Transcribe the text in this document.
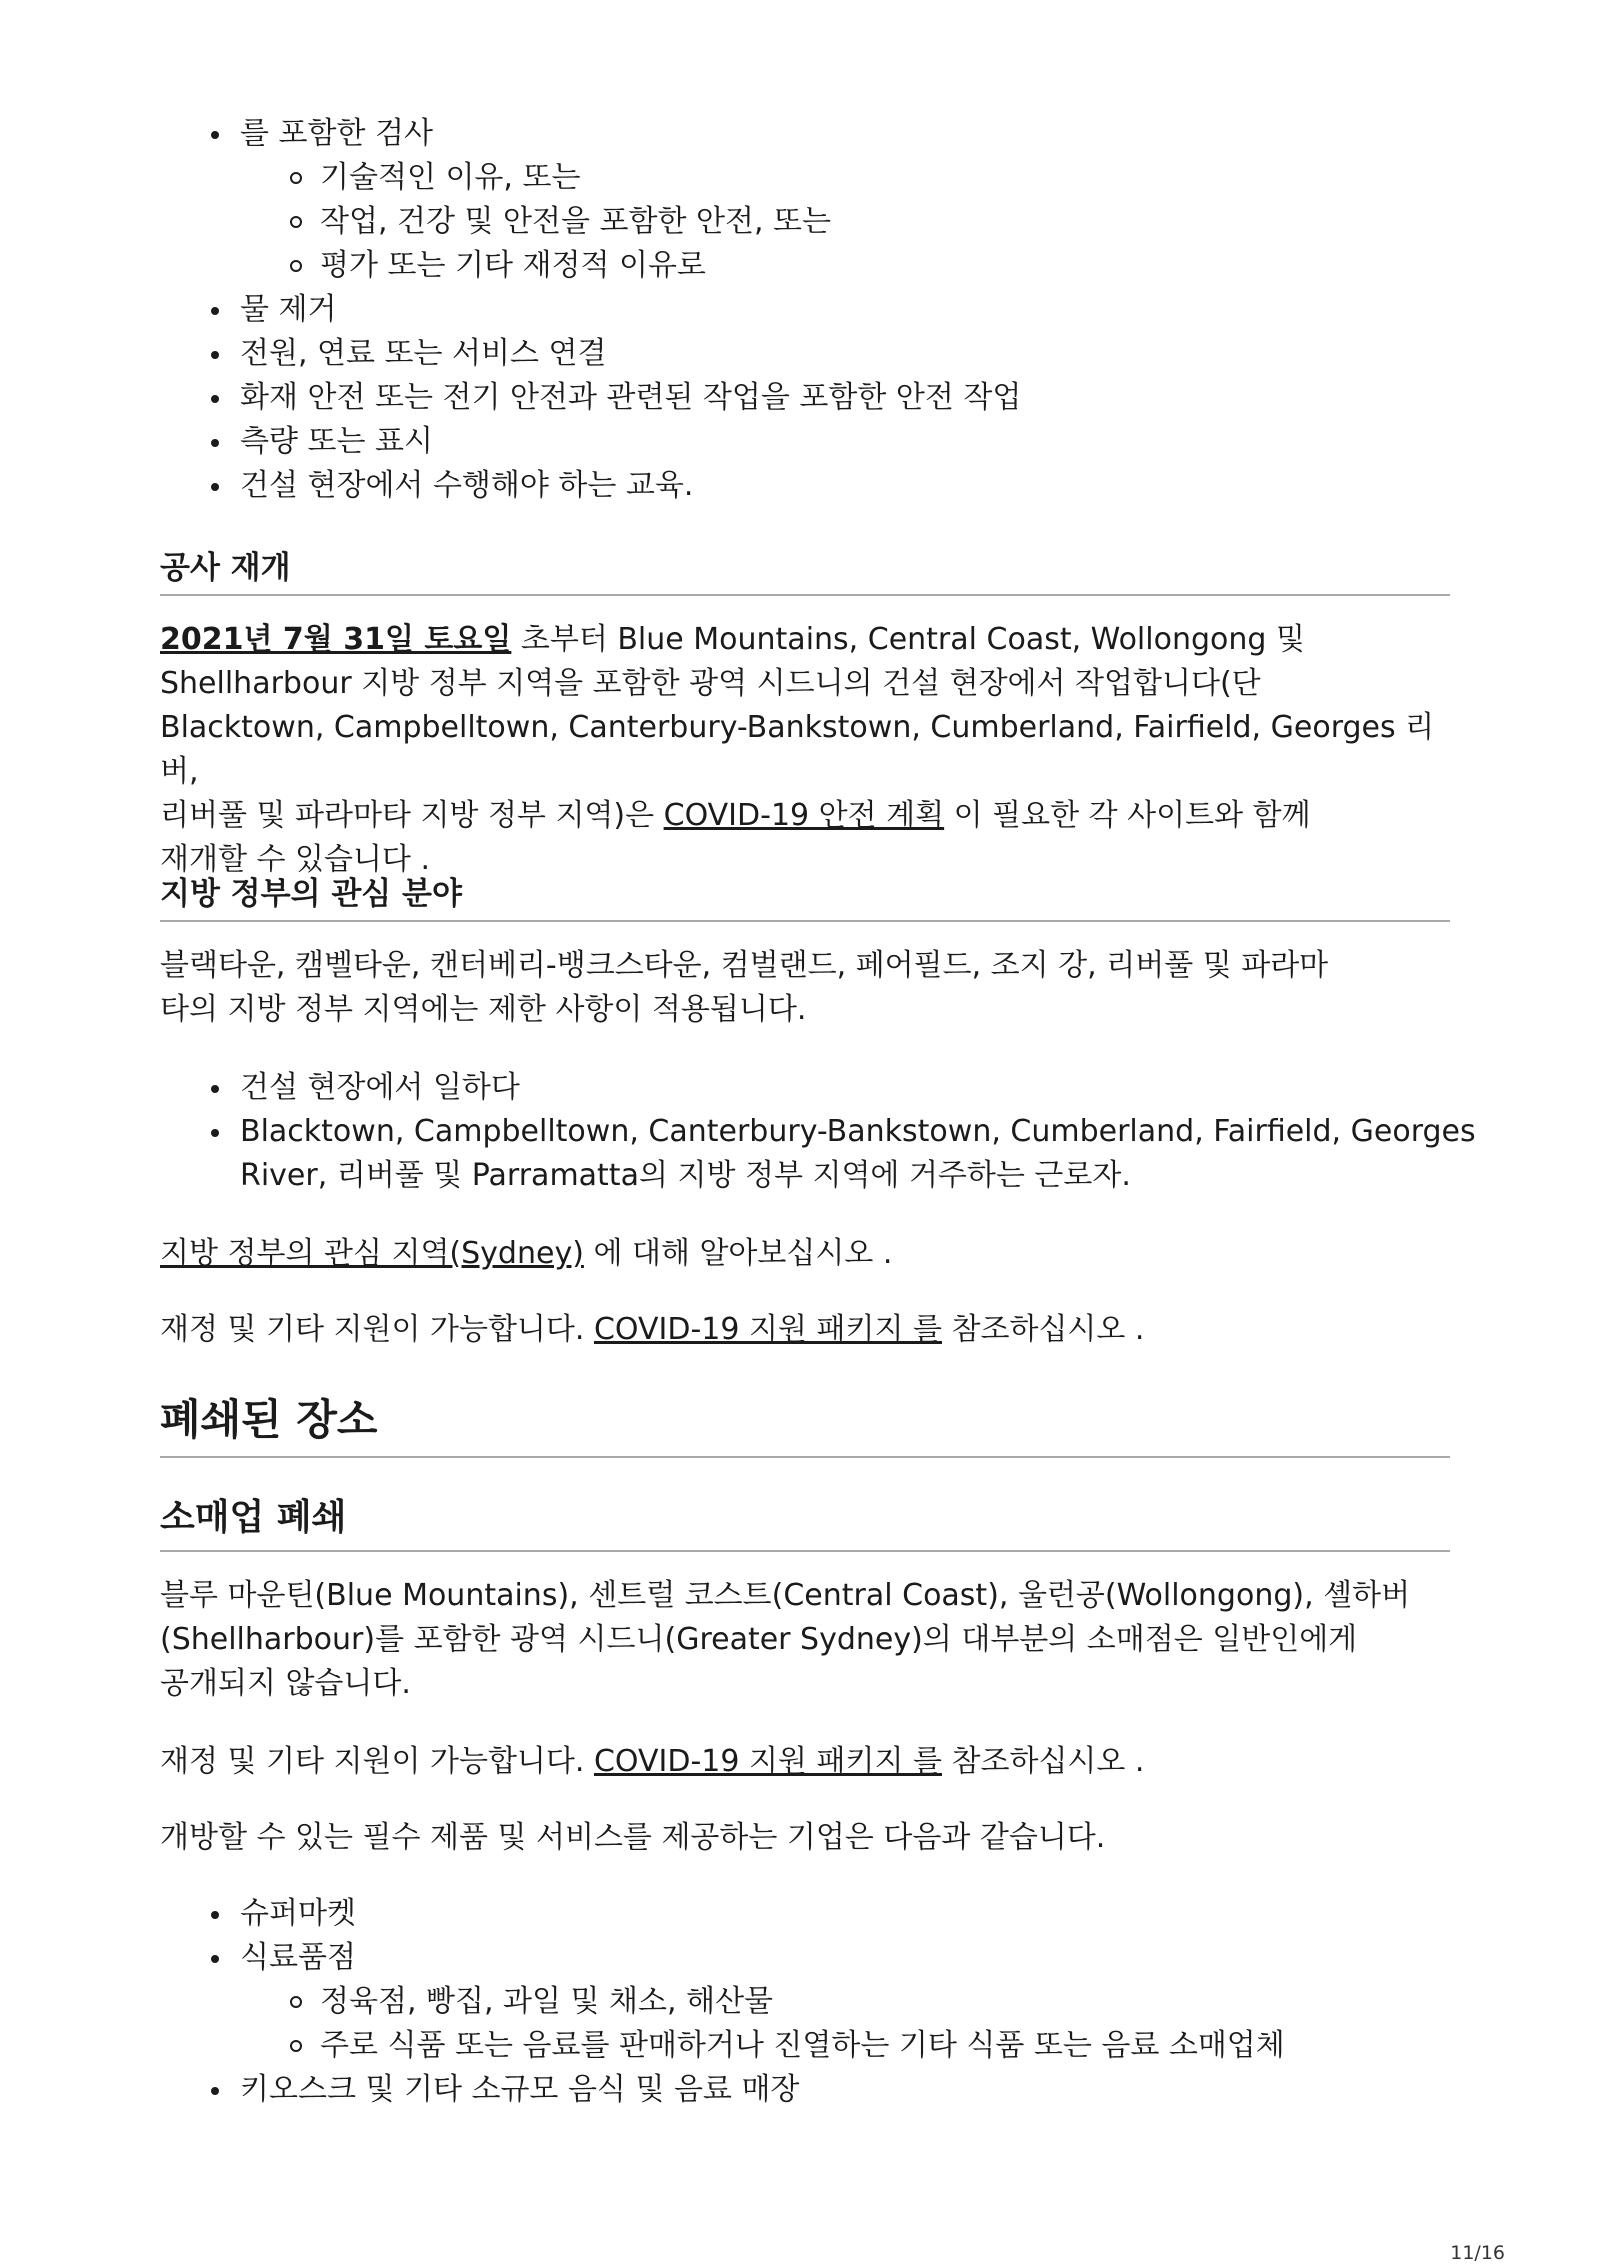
를 포함한 검사
기술적인 이유, 또는
작업, 건강 및 안전을 포함한 안전, 또는
평가 또는 기타 재정적 이유로
물 제거
전원, 연료 또는 서비스 연결
화재 안전 또는 전기 안전과 관련된 작업을 포함한 안전 작업
측량 또는 표시
건설 현장에서 수행해야 하는 교육.
공사 재개

2021년 7월 31일 토요일 초부터 Blue Mountains, Central Coast, Wollongong 및
Shellharbour 지방 정부 지역을 포함한 광역 시드니의 건설 현장에서 작업합니다(단
Blacktown, Campbelltown, Canterbury-Bankstown, Cumberland, Fairfield, Georges 리버,
리버풀 및 파라마타 지방 정부 지역)은 COVID-19 안전 계획 이 필요한 각 사이트와 함께
재개할 수 있습니다 .

지방 정부의 관심 분야

블랙타운, 캠벨타운, 캔터베리-뱅크스타운, 컴벌랜드, 페어필드, 조지 강, 리버풀 및 파라마
타의 지방 정부 지역에는 제한 사항이 적용됩니다.

건설 현장에서 일하다
Blacktown, Campbelltown, Canterbury-Bankstown, Cumberland, Fairfield, Georges
River, 리버풀 및 Parramatta의 지방 정부 지역에 거주하는 근로자.

지방 정부의 관심 지역(Sydney) 에 대해 알아보십시오 .

재정 및 기타 지원이 가능합니다. COVID-19 지원 패키지 를 참조하십시오 .

폐쇄된 장소
소매업 폐쇄

블루 마운틴(Blue Mountains), 센트럴 코스트(Central Coast), 울런공(Wollongong), 셸하버
(Shellharbour)를 포함한 광역 시드니(Greater Sydney)의 대부분의 소매점은 일반인에게
공개되지 않습니다.

재정 및 기타 지원이 가능합니다. COVID-19 지원 패키지 를 참조하십시오 .

개방할 수 있는 필수 제품 및 서비스를 제공하는 기업은 다음과 같습니다.

슈퍼마켓
식료품점
정육점, 빵집, 과일 및 채소, 해산물
주로 식품 또는 음료를 판매하거나 진열하는 기타 식품 또는 음료 소매업체
키오스크 및 기타 소규모 음식 및 음료 매장
11/16
